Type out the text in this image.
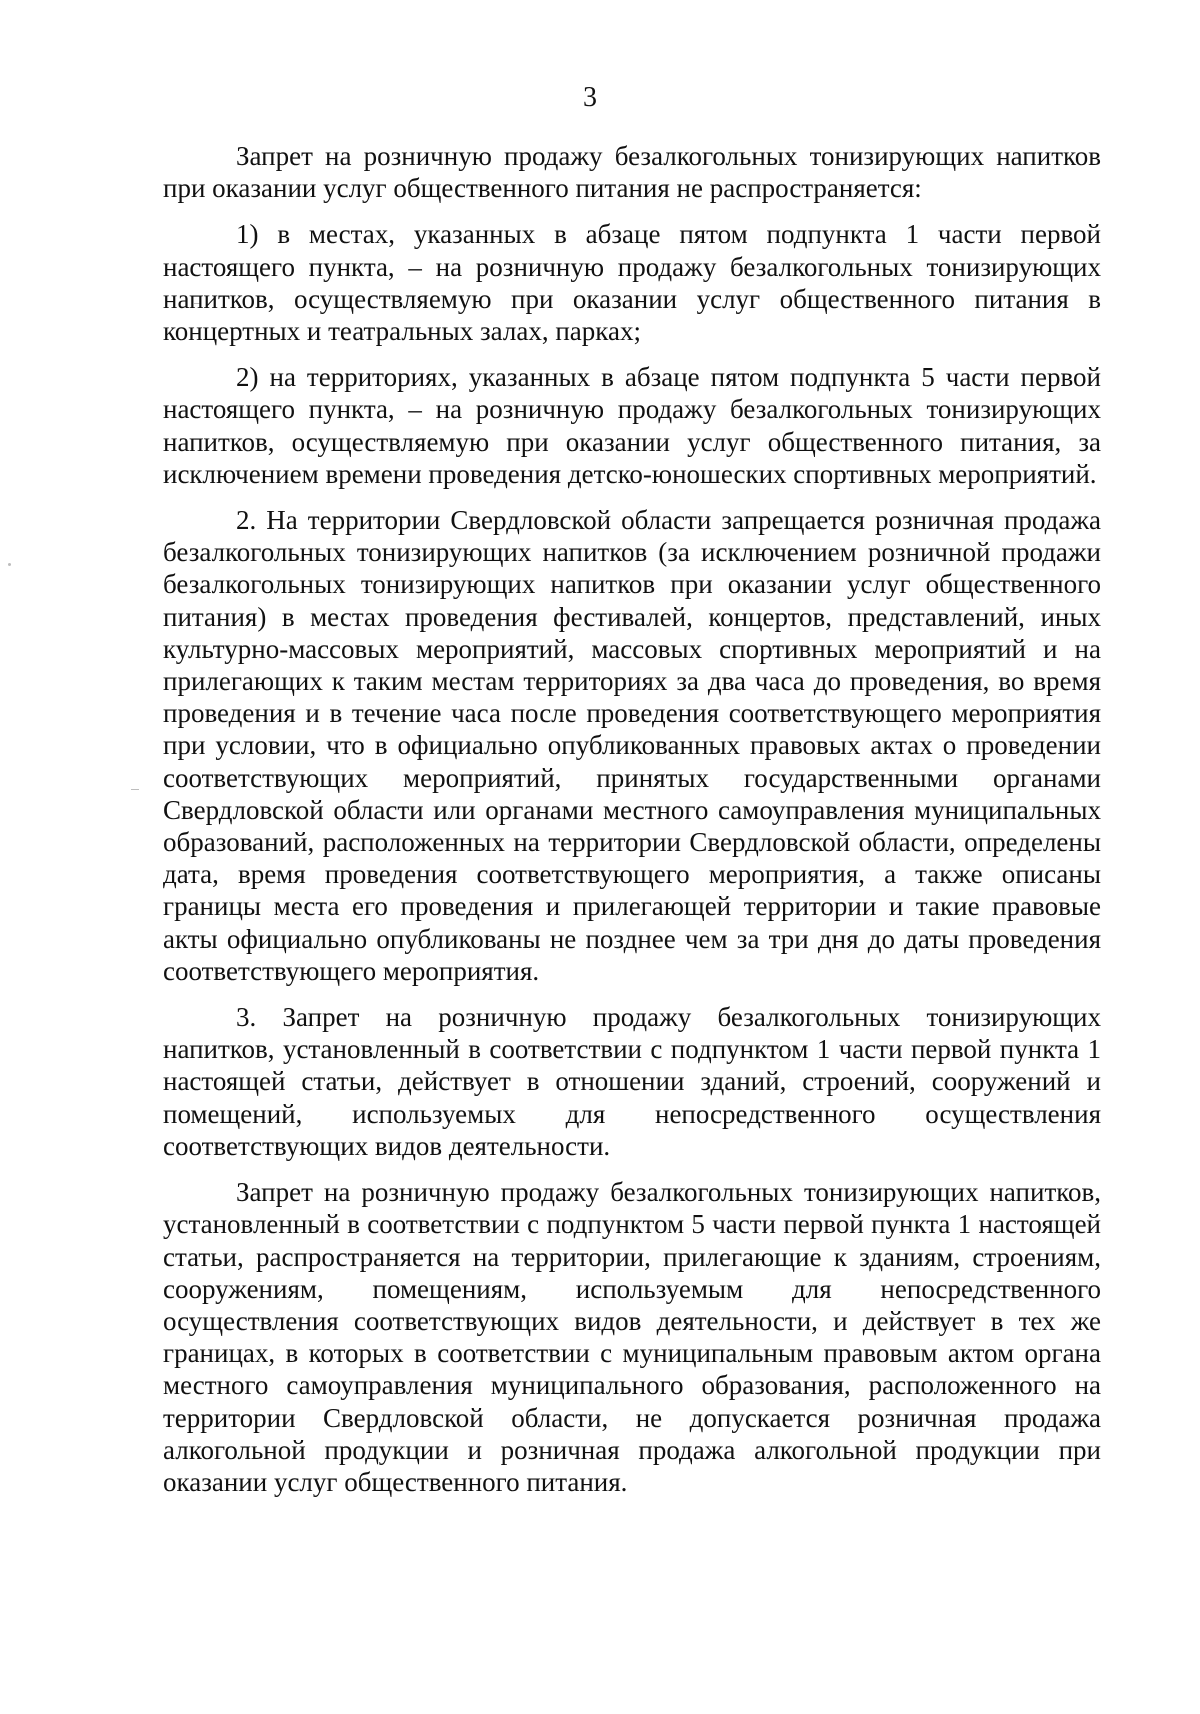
3

Запрет на розничную продажу безалкогольных тонизирующих напитков при оказании услуг общественного питания не распространяется:

1) в местах, указанных в абзаце пятом подпункта 1 части первой настоящего пункта, – на розничную продажу безалкогольных тонизирующих напитков, осуществляемую при оказании услуг общественного питания в концертных и театральных залах, парках;

2) на территориях, указанных в абзаце пятом подпункта 5 части первой настоящего пункта, – на розничную продажу безалкогольных тонизирующих напитков, осуществляемую при оказании услуг общественного питания, за исключением времени проведения детско-юношеских спортивных мероприятий.

2. На территории Свердловской области запрещается розничная продажа безалкогольных тонизирующих напитков (за исключением розничной продажи безалкогольных тонизирующих напитков при оказании услуг общественного питания) в местах проведения фестивалей, концертов, представлений, иных культурно-массовых мероприятий, массовых спортивных мероприятий и на прилегающих к таким местам территориях за два часа до проведения, во время проведения и в течение часа после проведения соответствующего мероприятия при условии, что в официально опубликованных правовых актах о проведении соответствующих мероприятий, принятых государственными органами Свердловской области или органами местного самоуправления муниципальных образований, расположенных на территории Свердловской области, определены дата, время проведения соответствующего мероприятия, а также описаны границы места его проведения и прилегающей территории и такие правовые акты официально опубликованы не позднее чем за три дня до даты проведения соответствующего мероприятия.

3. Запрет на розничную продажу безалкогольных тонизирующих напитков, установленный в соответствии с подпунктом 1 части первой пункта 1 настоящей статьи, действует в отношении зданий, строений, сооружений и помещений, используемых для непосредственного осуществления соответствующих видов деятельности.

Запрет на розничную продажу безалкогольных тонизирующих напитков, установленный в соответствии с подпунктом 5 части первой пункта 1 настоящей статьи, распространяется на территории, прилегающие к зданиям, строениям, сооружениям, помещениям, используемым для непосредственного осуществления соответствующих видов деятельности, и действует в тех же границах, в которых в соответствии с муниципальным правовым актом органа местного самоуправления муниципального образования, расположенного на территории Свердловской области, не допускается розничная продажа алкогольной продукции и розничная продажа алкогольной продукции при оказании услуг общественного питания.
